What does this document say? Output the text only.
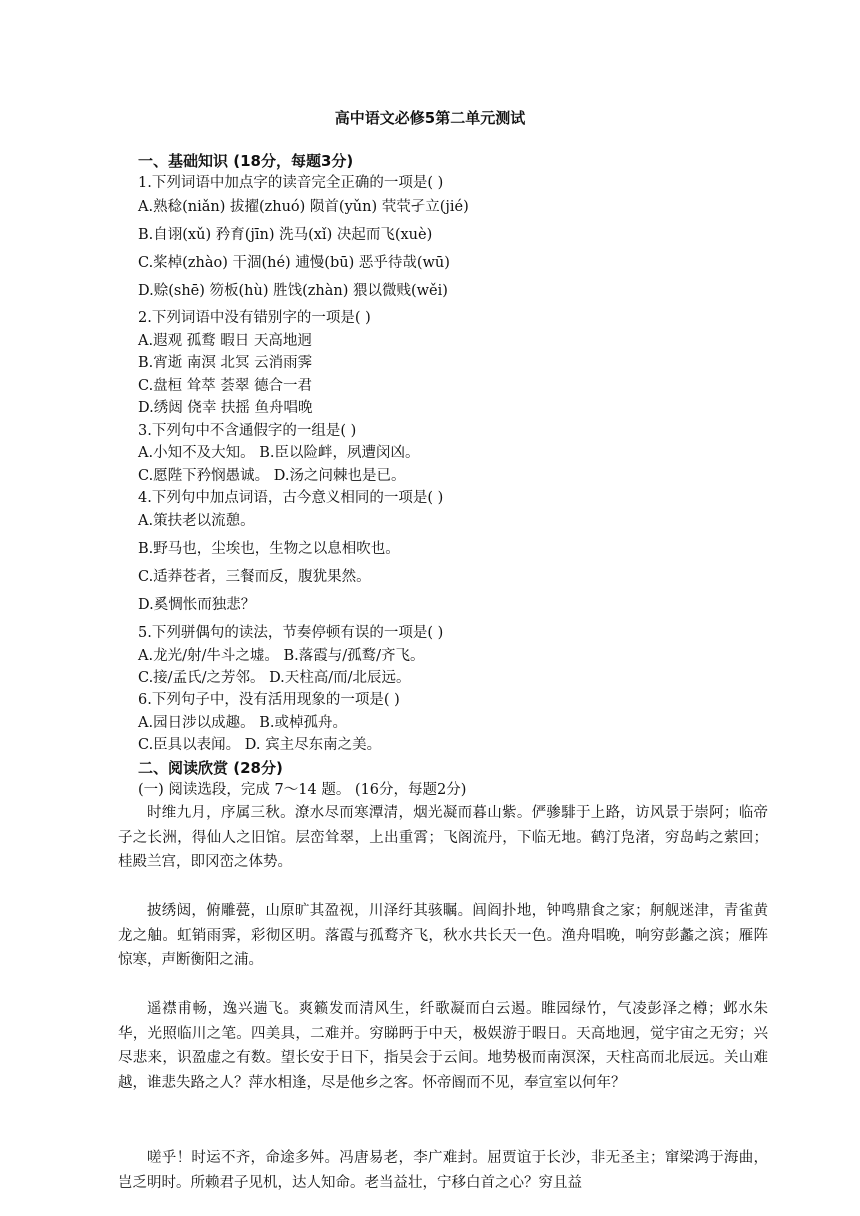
高中语文必修5第二单元测试
一、基础知识 (18分，每题3分)
1.下列词语中加点字的读音完全正确的一项是( )
A.熟稔(niǎn) 拔擢(zhuó) 陨首(yǔn) 茕茕孑立(jié)
B.自诩(xǔ) 矜育(jīn) 洗马(xǐ) 决起而飞(xuè)
C.桨棹(zhào) 干涸(hé) 逋慢(bū) 恶乎待哉(wū)
D.赊(shē) 笏板(hù) 胜饯(zhàn) 猥以微贱(wěi)
2.下列词语中没有错别字的一项是( )
A.遐观 孤鹜 暇日 天高地迥
B.宵逝 南溟 北冥 云消雨霁
C.盘桓 耸萃 荟翠 德合一君
D.绣闼 侥幸 扶摇 鱼舟唱晚
3.下列句中不含通假字的一组是( )
A.小知不及大知。 B.臣以险衅，夙遭闵凶。
C.愿陛下矜悯愚诚。 D.汤之问棘也是已。
4.下列句中加点词语，古今意义相同的一项是( )
A.策扶老以流憩。
B.野马也，尘埃也，生物之以息相吹也。
C.适莽苍者，三餐而反，腹犹果然。
D.奚惆怅而独悲？
5.下列骈偶句的读法，节奏停顿有误的一项是( )
A.龙光/射/牛斗之墟。 B.落霞与/孤鹜/齐飞。
C.接/孟氏/之芳邻。 D.天柱高/而/北辰远。
6.下列句子中，没有活用现象的一项是( )
A.园日涉以成趣。 B.或棹孤舟。
C.臣具以表闻。 D. 宾主尽东南之美。
二、阅读欣赏 (28分)
(一) 阅读选段，完成 7～14 题。 (16分，每题2分)

时维九月，序属三秋。潦水尽而寒潭清，烟光凝而暮山紫。俨骖騑于上路，访风景于崇阿；临帝子之长洲，得仙人之旧馆。层峦耸翠，上出重霄；飞阁流丹，下临无地。鹤汀凫渚，穷岛屿之萦回；桂殿兰宫，即冈峦之体势。

披绣闼，俯雕甍，山原旷其盈视，川泽纡其骇瞩。闾阎扑地，钟鸣鼎食之家；舸舰迷津，青雀黄龙之舳。虹销雨霁，彩彻区明。落霞与孤鹜齐飞，秋水共长天一色。渔舟唱晚，响穷彭蠡之滨；雁阵惊寒，声断衡阳之浦。

遥襟甫畅，逸兴遄飞。爽籁发而清风生，纤歌凝而白云遏。睢园绿竹，气凌彭泽之樽；邺水朱华，光照临川之笔。四美具，二难并。穷睇眄于中天，极娱游于暇日。天高地迥，觉宇宙之无穷；兴尽悲来，识盈虚之有数。望长安于日下，指吴会于云间。地势极而南溟深，天柱高而北辰远。关山难越，谁悲失路之人？萍水相逢，尽是他乡之客。怀帝阍而不见，奉宣室以何年？

嗟乎！时运不齐，命途多舛。冯唐易老，李广难封。屈贾谊于长沙，非无圣主；窜梁鸿于海曲，岂乏明时。所赖君子见机，达人知命。老当益壮，宁移白首之心？穷且益
